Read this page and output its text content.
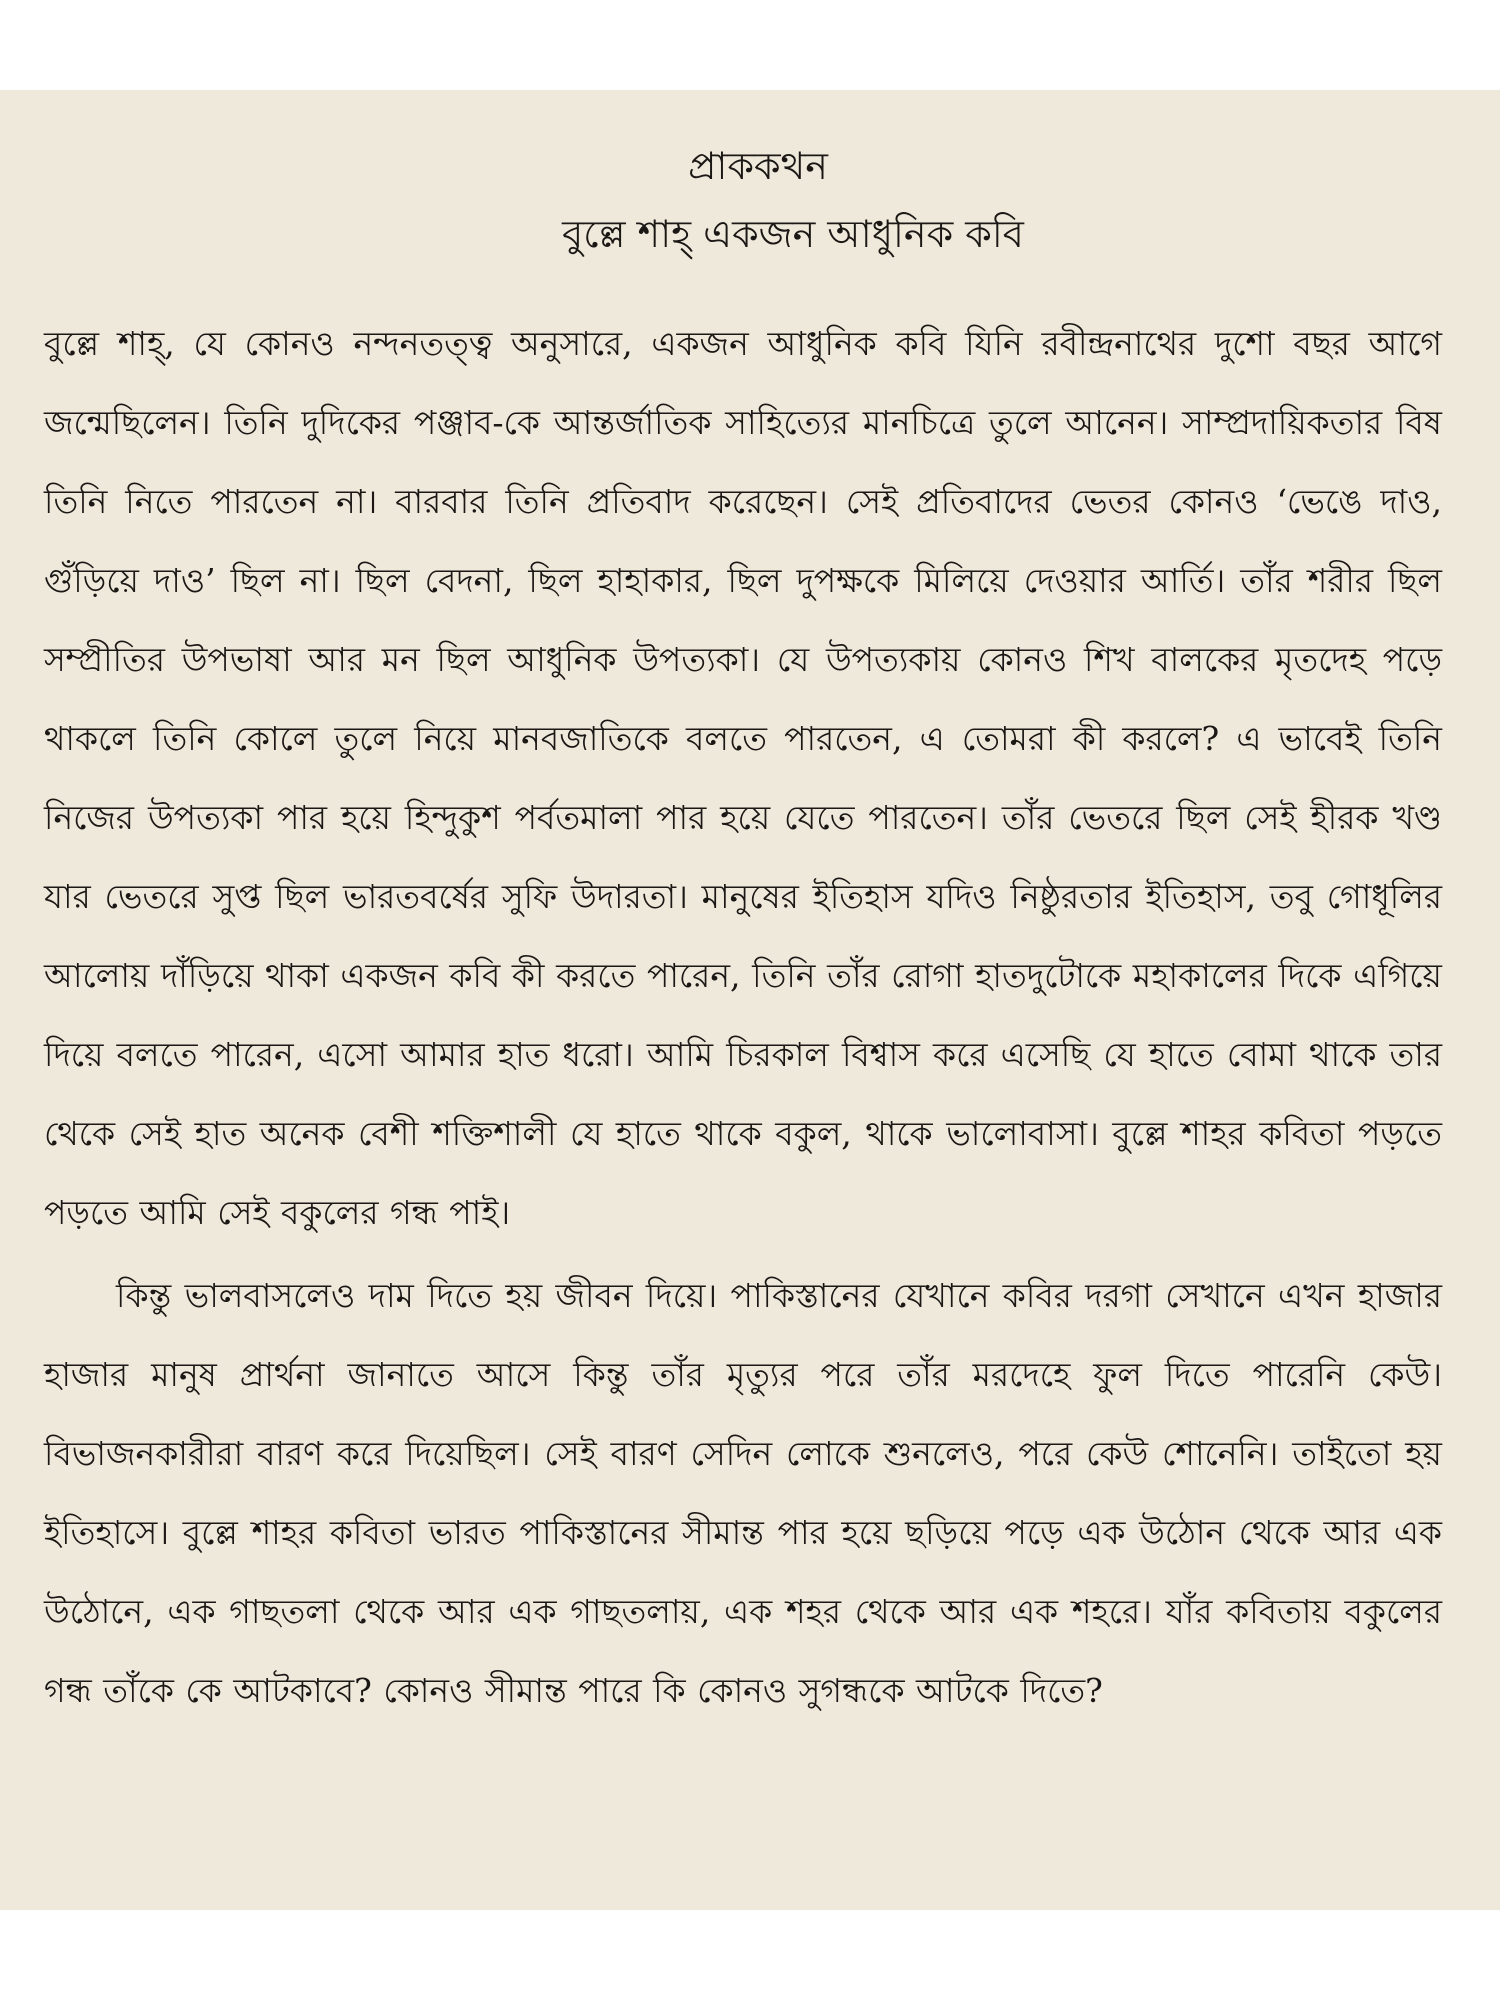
প্রাককথন
বুল্লে শাহ্‌ একজন আধুনিক কবি

বুল্লে শাহ্‌, যে কোনও নন্দনতত্ত্ব অনুসারে, একজন আধুনিক কবি যিনি রবীন্দ্রনাথের দুশো বছর আগে জন্মেছিলেন। তিনি দুদিকের পঞ্জাব-কে আন্তর্জাতিক সাহিত্যের মানচিত্রে তুলে আনেন। সাম্প্রদায়িকতার বিষ তিনি নিতে পারতেন না। বারবার তিনি প্রতিবাদ করেছেন। সেই প্রতিবাদের ভেতর কোনও ‘ভেঙে দাও, গুঁড়িয়ে দাও’ ছিল না। ছিল বেদনা, ছিল হাহাকার, ছিল দুপক্ষকে মিলিয়ে দেওয়ার আর্তি। তাঁর শরীর ছিল সম্প্রীতির উপভাষা আর মন ছিল আধুনিক উপত্যকা। যে উপত্যকায় কোনও শিখ বালকের মৃতদেহ পড়ে থাকলে তিনি কোলে তুলে নিয়ে মানবজাতিকে বলতে পারতেন, এ তোমরা কী করলে? এ ভাবেই তিনি নিজের উপত্যকা পার হয়ে হিন্দুকুশ পর্বতমালা পার হয়ে যেতে পারতেন। তাঁর ভেতরে ছিল সেই হীরক খণ্ড যার ভেতরে সুপ্ত ছিল ভারতবর্ষের সুফি উদারতা। মানুষের ইতিহাস যদিও নিষ্ঠুরতার ইতিহাস, তবু গোধূলির আলোয় দাঁড়িয়ে থাকা একজন কবি কী করতে পারেন, তিনি তাঁর রোগা হাতদুটোকে মহাকালের দিকে এগিয়ে দিয়ে বলতে পারেন, এসো আমার হাত ধরো। আমি চিরকাল বিশ্বাস করে এসেছি যে হাতে বোমা থাকে তার থেকে সেই হাত অনেক বেশী শক্তিশালী যে হাতে থাকে বকুল, থাকে ভালোবাসা। বুল্লে শাহর কবিতা পড়তে পড়তে আমি সেই বকুলের গন্ধ পাই।

কিন্তু ভালবাসলেও দাম দিতে হয় জীবন দিয়ে। পাকিস্তানের যেখানে কবির দরগা সেখানে এখন হাজার হাজার মানুষ প্রার্থনা জানাতে আসে কিন্তু তাঁর মৃত্যুর পরে তাঁর মরদেহে ফুল দিতে পারেনি কেউ। বিভাজনকারীরা বারণ করে দিয়েছিল। সেই বারণ সেদিন লোকে শুনলেও, পরে কেউ শোনেনি। তাইতো হয় ইতিহাসে। বুল্লে শাহর কবিতা ভারত পাকিস্তানের সীমান্ত পার হয়ে ছড়িয়ে পড়ে এক উঠোন থেকে আর এক উঠোনে, এক গাছতলা থেকে আর এক গাছতলায়, এক শহর থেকে আর এক শহরে। যাঁর কবিতায় বকুলের গন্ধ তাঁকে কে আটকাবে? কোনও সীমান্ত পারে কি কোনও সুগন্ধকে আটকে দিতে?
